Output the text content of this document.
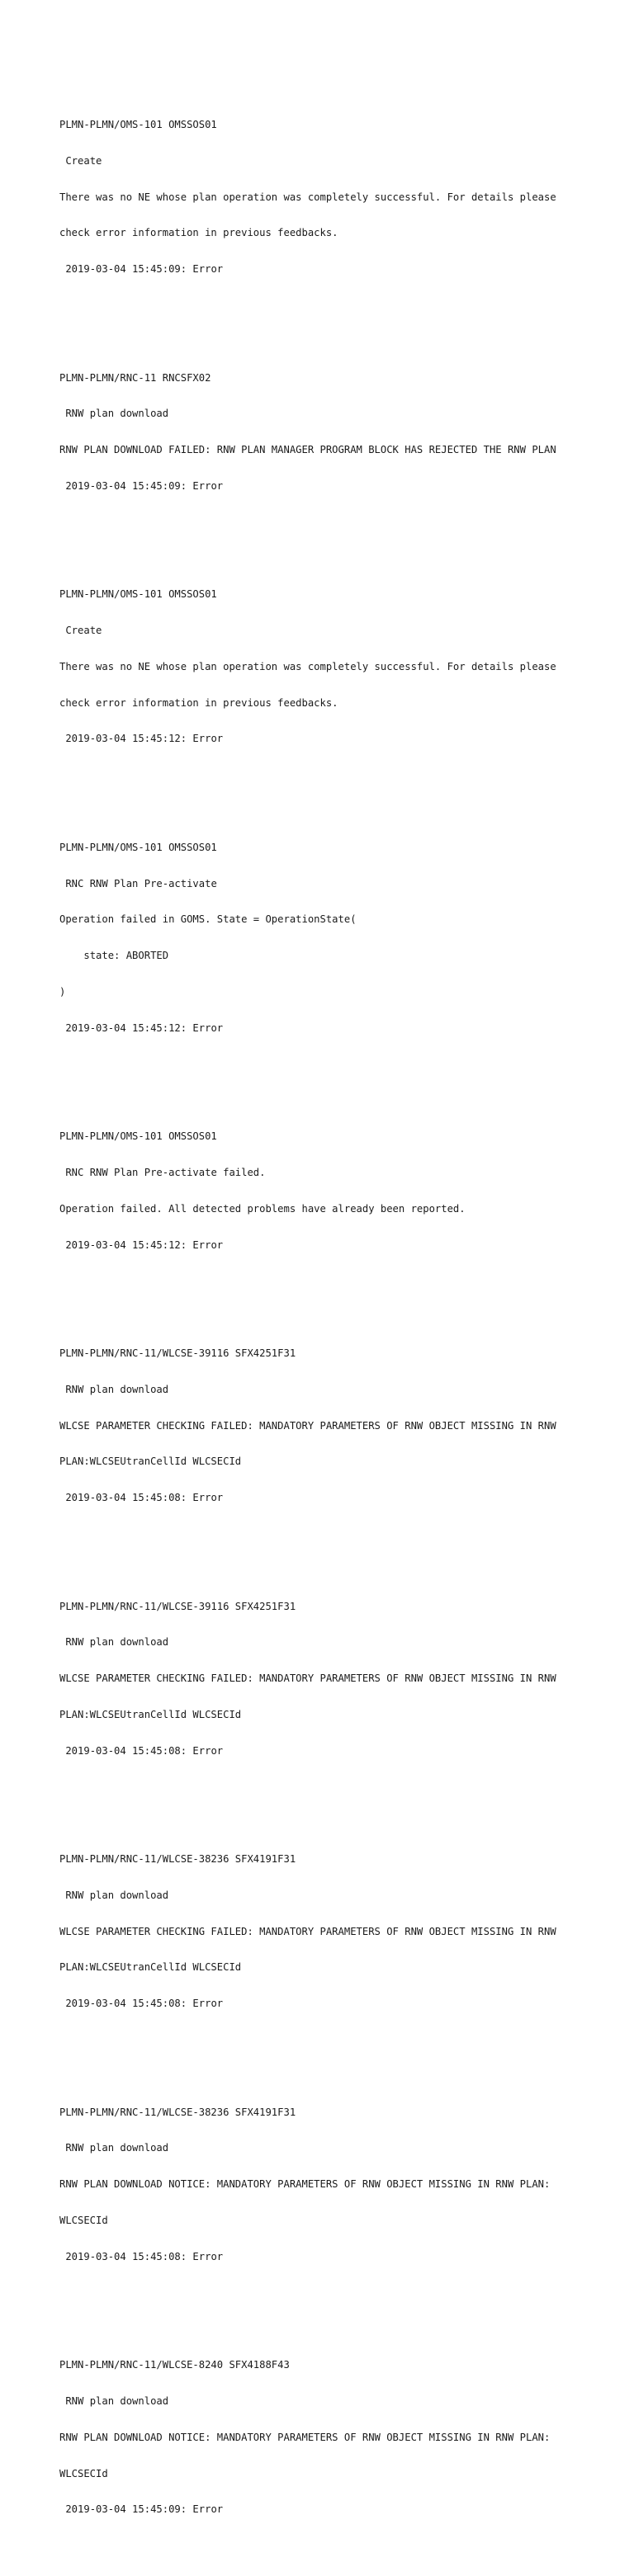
PLMN-PLMN/OMS-101 OMSSOS01

Create

There was no NE whose plan operation was completely successful. For details please

check error information in previous feedbacks.

2019-03-04 15:45:09: Error

PLMN-PLMN/RNC-11 RNCSFX02

RNW plan download

RNW PLAN DOWNLOAD FAILED: RNW PLAN MANAGER PROGRAM BLOCK HAS REJECTED THE RNW PLAN

2019-03-04 15:45:09: Error

PLMN-PLMN/OMS-101 OMSSOS01

Create

There was no NE whose plan operation was completely successful. For details please

check error information in previous feedbacks.

2019-03-04 15:45:12: Error

PLMN-PLMN/OMS-101 OMSSOS01

RNC RNW Plan Pre-activate

Operation failed in GOMS. State = OperationState(

state: ABORTED

)

2019-03-04 15:45:12: Error

PLMN-PLMN/OMS-101 OMSSOS01

RNC RNW Plan Pre-activate failed.

Operation failed. All detected problems have already been reported.

2019-03-04 15:45:12: Error

PLMN-PLMN/RNC-11/WLCSE-39116 SFX4251F31

RNW plan download

WLCSE PARAMETER CHECKING FAILED: MANDATORY PARAMETERS OF RNW OBJECT MISSING IN RNW

PLAN:WLCSEUtranCellId WLCSECId

2019-03-04 15:45:08: Error

PLMN-PLMN/RNC-11/WLCSE-39116 SFX4251F31

RNW plan download

WLCSE PARAMETER CHECKING FAILED: MANDATORY PARAMETERS OF RNW OBJECT MISSING IN RNW

PLAN:WLCSEUtranCellId WLCSECId

2019-03-04 15:45:08: Error

PLMN-PLMN/RNC-11/WLCSE-38236 SFX4191F31

RNW plan download

WLCSE PARAMETER CHECKING FAILED: MANDATORY PARAMETERS OF RNW OBJECT MISSING IN RNW

PLAN:WLCSEUtranCellId WLCSECId

2019-03-04 15:45:08: Error

PLMN-PLMN/RNC-11/WLCSE-38236 SFX4191F31

RNW plan download

RNW PLAN DOWNLOAD NOTICE: MANDATORY PARAMETERS OF RNW OBJECT MISSING IN RNW PLAN:

WLCSECId

2019-03-04 15:45:08: Error

PLMN-PLMN/RNC-11/WLCSE-8240 SFX4188F43

RNW plan download

RNW PLAN DOWNLOAD NOTICE: MANDATORY PARAMETERS OF RNW OBJECT MISSING IN RNW PLAN:

WLCSECId

2019-03-04 15:45:09: Error
